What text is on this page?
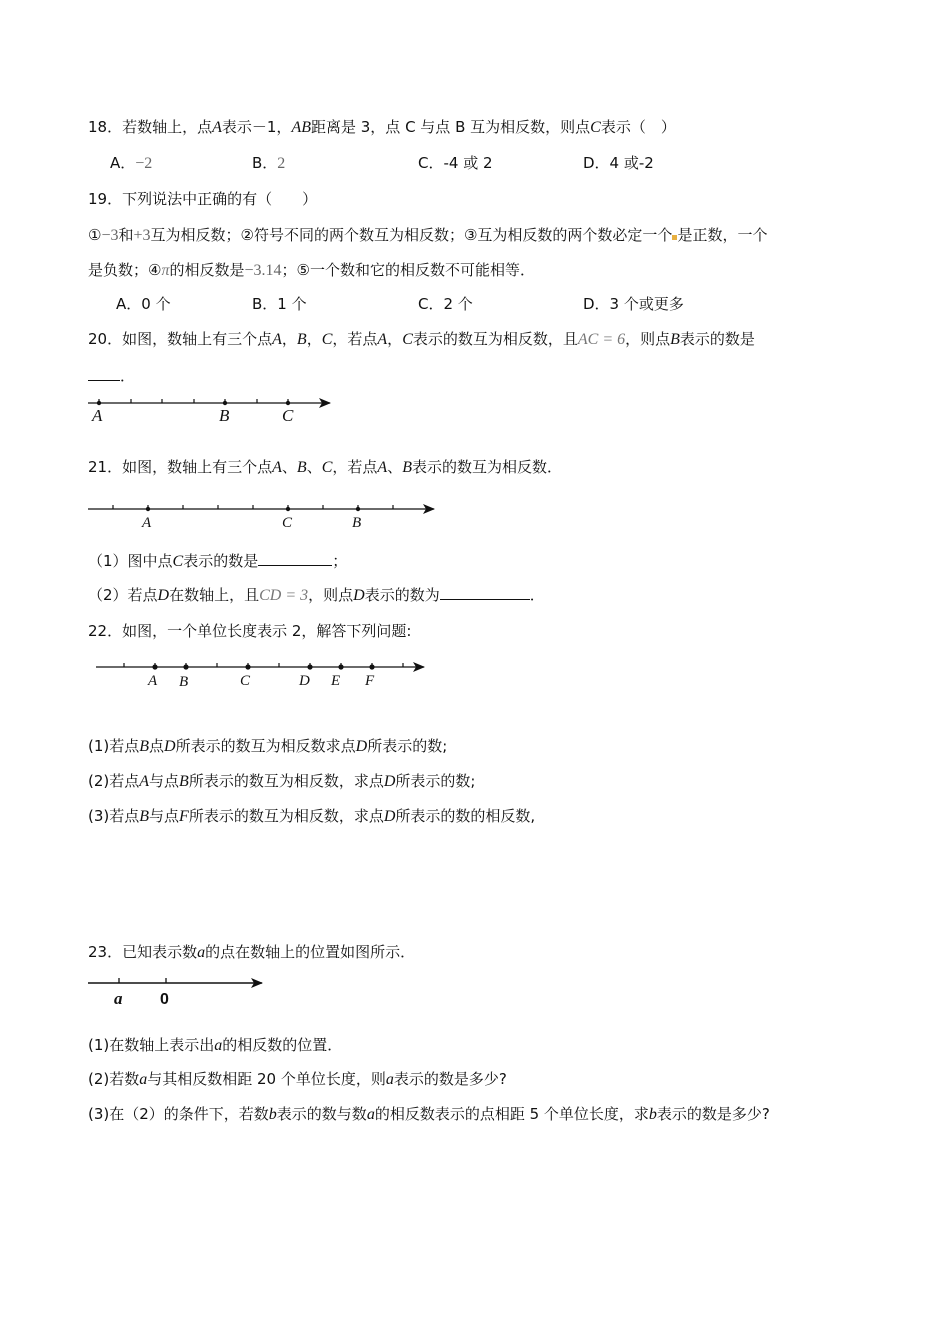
18．若数轴上，点A表示－1，AB距离是 3，点 C 与点 B 互为相反数，则点C表示（　）
A．−2	B．2	C．-4 或 2	D．4 或-2
19．下列说法中正确的有（　　）
①−3和+3互为相反数；②符号不同的两个数互为相反数；③互为相反数的两个数必定一个 是正数，一个
是负数；④π的相反数是−3.14；⑤一个数和它的相反数不可能相等．
A．0 个	B．1 个	C．2 个	D．3 个或更多
20．如图，数轴上有三个点A，B，C，若点A，C表示的数互为相反数，且AC = 6，则点B表示的数是
．
21．如图，数轴上有三个点A、B、C，若点A、B表示的数互为相反数．
（1）图中点C表示的数是	；
（2）若点D在数轴上，且CD = 3，则点D表示的数为	．
22．如图，一个单位长度表示 2，解答下列问题:
(1)若点B点D所表示的数互为相反数求点D所表示的数;
(2)若点A与点B所表示的数互为相反数，求点D所表示的数;
(3)若点B与点F所表示的数互为相反数，求点D所表示的数的相反数,
23．已知表示数a的点在数轴上的位置如图所示．
(1)在数轴上表示出a的相反数的位置．
(2)若数a与其相反数相距 20 个单位长度，则a表示的数是多少?
(3)在（2）的条件下，若数b表示的数与数a的相反数表示的点相距 5 个单位长度，求b表示的数是多少?
A	B	C
A	C	B
A B	C	D E F
a 0
